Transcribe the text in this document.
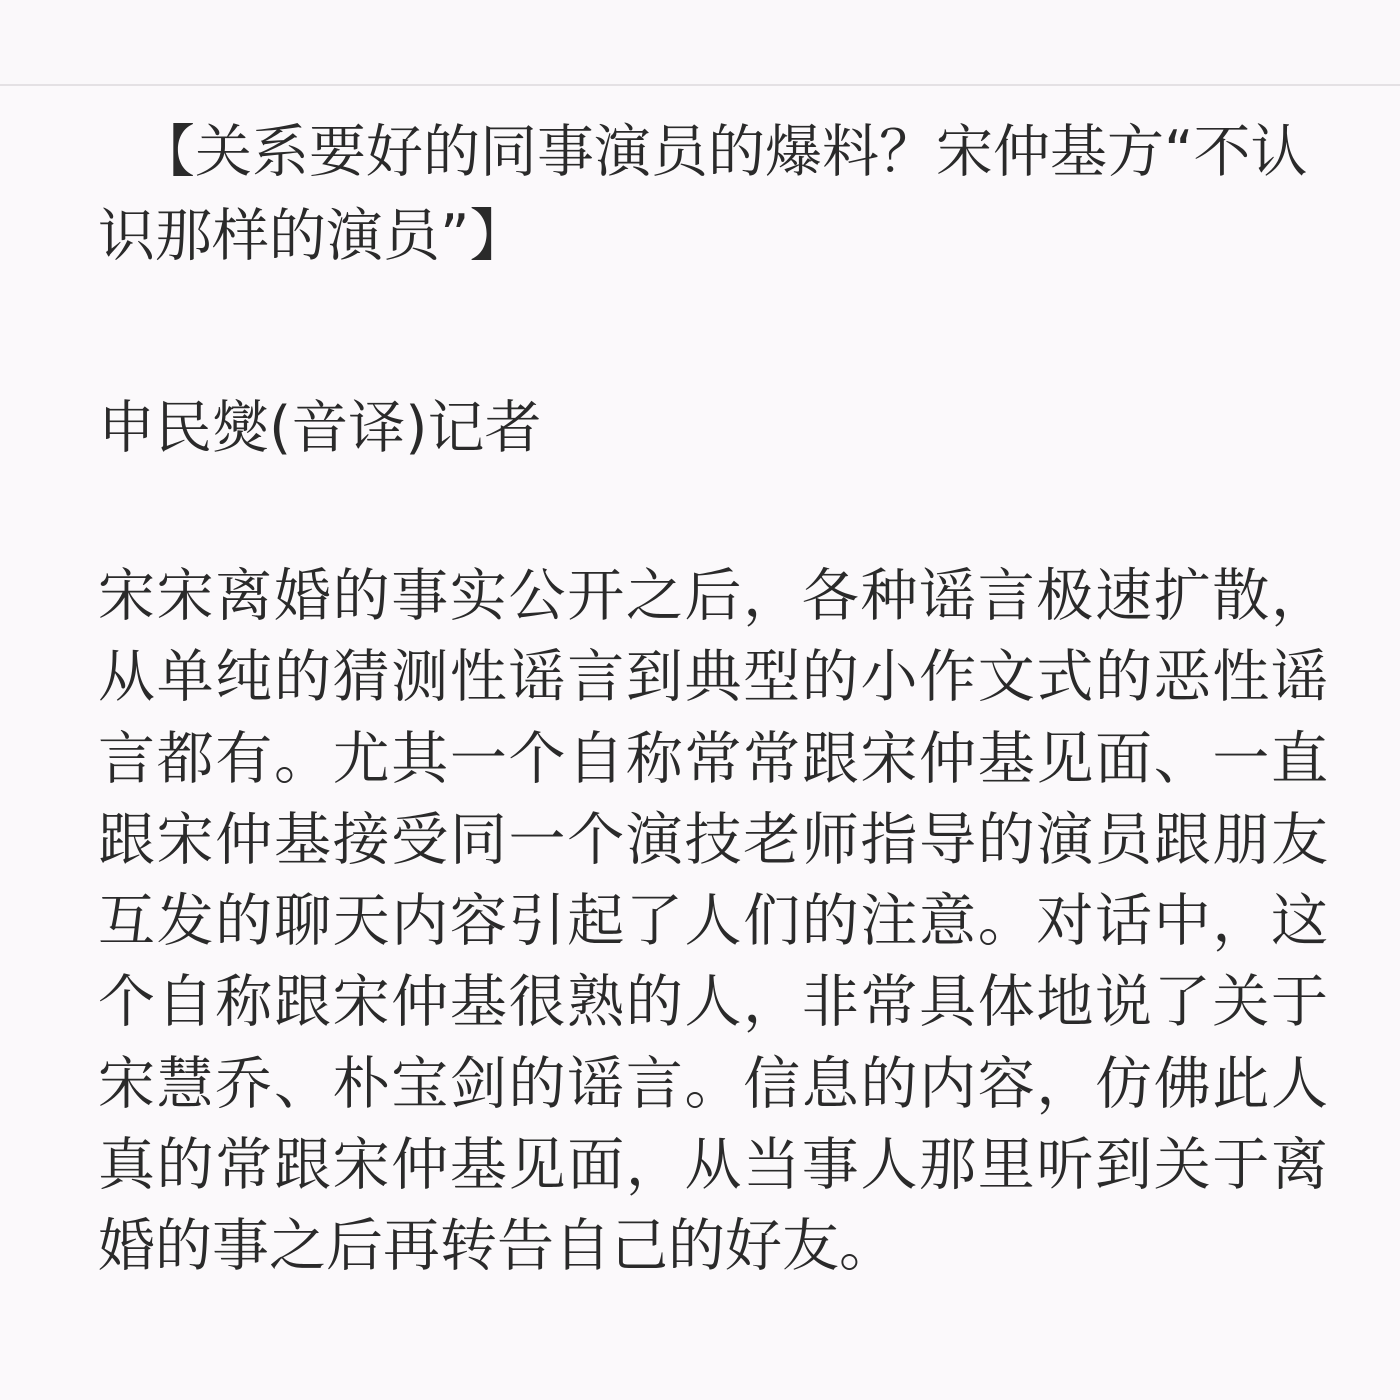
【关系要好的同事演员的爆料？宋仲基方“不认识那样的演员”】

申民爕(音译)记者

宋宋离婚的事实公开之后，各种谣言极速扩散，从单纯的猜测性谣言到典型的小作文式的恶性谣言都有。尤其一个自称常常跟宋仲基见面、一直跟宋仲基接受同一个演技老师指导的演员跟朋友互发的聊天内容引起了人们的注意。对话中，这个自称跟宋仲基很熟的人，非常具体地说了关于宋慧乔、朴宝剑的谣言。信息的内容，仿佛此人真的常跟宋仲基见面，从当事人那里听到关于离婚的事之后再转告自己的好友。
